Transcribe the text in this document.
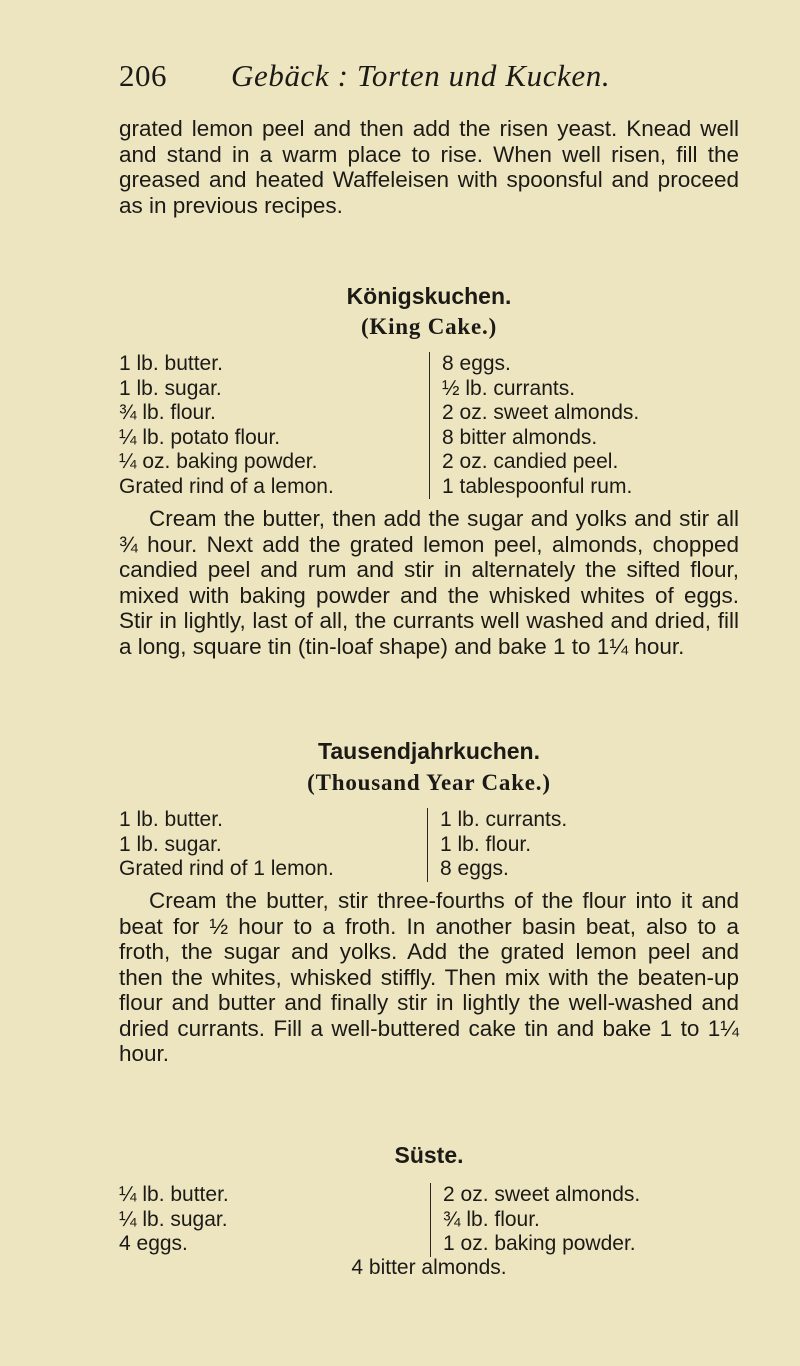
206 Gebäck : Torten und Kucken.

grated lemon peel and then add the risen yeast. Knead well and stand in a warm place to rise. When well risen, fill the greased and heated Waffeleisen with spoonsful and proceed as in previous recipes.

Königskuchen.
(King Cake.)
1 lb. butter.
1 lb. sugar.
¾ lb. flour.
¼ lb. potato flour.
¼ oz. baking powder.
Grated rind of a lemon.
8 eggs.
½ lb. currants.
2 oz. sweet almonds.
8 bitter almonds.
2 oz. candied peel.
1 tablespoonful rum.

Cream the butter, then add the sugar and yolks and stir all ¾ hour. Next add the grated lemon peel, almonds, chopped candied peel and rum and stir in alternately the sifted flour, mixed with baking powder and the whisked whites of eggs. Stir in lightly, last of all, the currants well washed and dried, fill a long, square tin (tin-loaf shape) and bake 1 to 1¼ hour.

Tausendjahrkuchen.
(Thousand Year Cake.)
1 lb. butter.
1 lb. sugar.
Grated rind of 1 lemon.
1 lb. currants.
1 lb. flour.
8 eggs.

Cream the butter, stir three-fourths of the flour into it and beat for ½ hour to a froth. In another basin beat, also to a froth, the sugar and yolks. Add the grated lemon peel and then the whites, whisked stiffly. Then mix with the beaten-up flour and butter and finally stir in lightly the well-washed and dried currants. Fill a well-buttered cake tin and bake 1 to 1¼ hour.

Süste.
¼ lb. butter.
¼ lb. sugar.
4 eggs.
2 oz. sweet almonds.
¾ lb. flour.
1 oz. baking powder.

4 bitter almonds.
